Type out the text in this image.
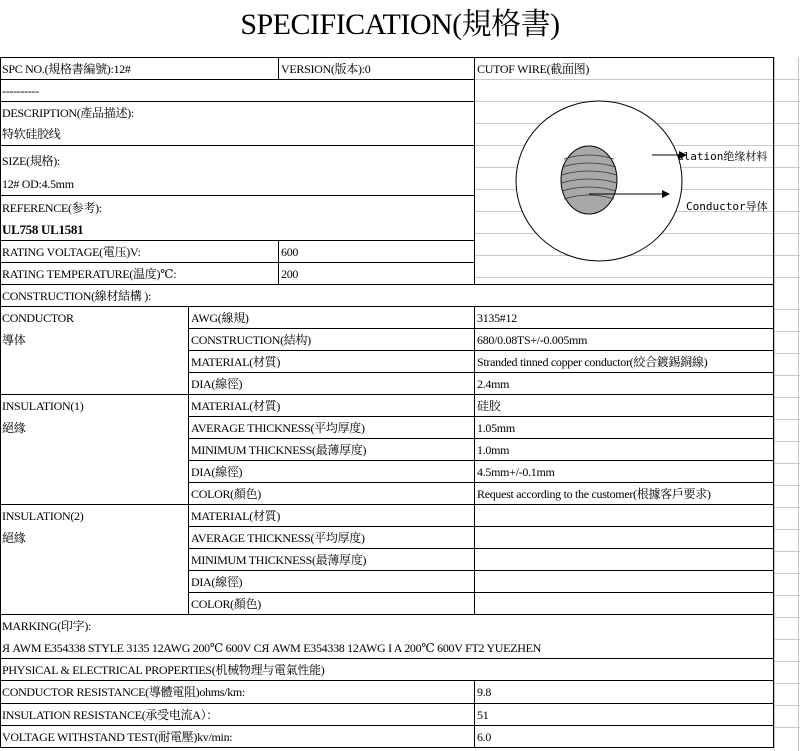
SPECIFICATION(規格書)
SPC NO.(規格書編號):12#	VERSION(版本):0	CUTOF WIRE(截面图)
----------
DESCRIPTION(產品描述):
特软硅胶线
SIZE(規格):
12# OD:4.5mm
REFERENCE(参考):
UL758 UL1581
RATING VOLTAGE(電压)V:	600
RATING TEMPERATURE(温度)℃:	200
CONSTRUCTION(線材結構 ):
ulation绝缘材料
Conductor导体
CONDUCTOR
導体
AWG(線規)	3135#12
CONSTRUCTION(結构)	680/0.08TS+/-0.005mm
MATERIAL(材質)	Stranded tinned copper conductor(絞合鍍錫銅線)
DIA(線徑)	2.4mm
INSULATION(1)
絕緣
MATERIAL(材質)	硅胶
AVERAGE THICKNESS(平均厚度)	1.05mm
MINIMUM THICKNESS(最薄厚度)	1.0mm
DIA(線徑)	4.5mm+/-0.1mm
COLOR(顏色)	Request according to the customer(根據客戶要求)
INSULATION(2)
絕緣
MATERIAL(材質)
AVERAGE THICKNESS(平均厚度)
MINIMUM THICKNESS(最薄厚度)
DIA(線徑)
COLOR(顏色)
MARKING(印字):
Я AWM E354338 STYLE 3135 12AWG 200℃ 600V CЯ AWM E354338 12AWG I A 200℃ 600V FT2 YUEZHEN
PHYSICAL & ELECTRICAL PROPERTIES(机械物理与電氣性能)
CONDUCTOR RESISTANCE(導體電阻)ohms/km:	9.8
INSULATION RESISTANCE(承受电流A）：	51
VOLTAGE WITHSTAND TEST(耐電壓)kv/min:	6.0
